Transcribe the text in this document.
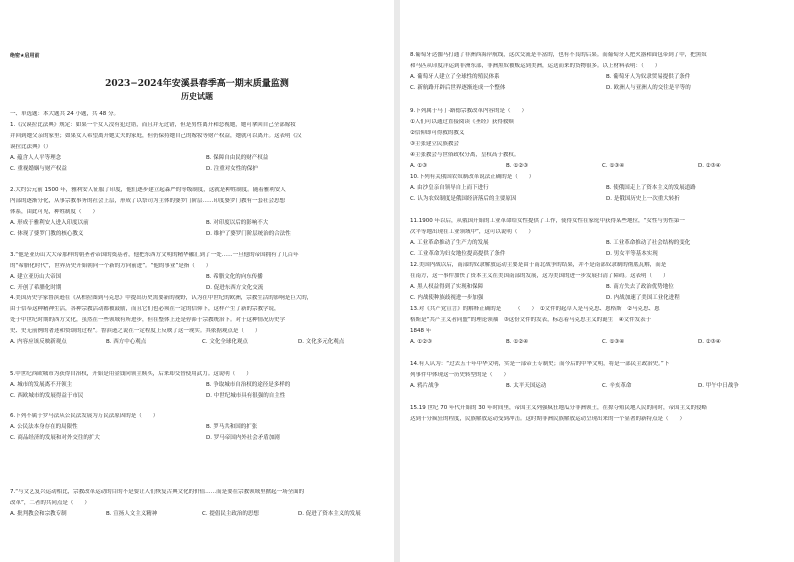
绝密★启用前
2023−2024年安溪县春季高一期末质量监测
历史试题
一、单选题：本大题共 24 小题，共 48 分。
1.《汉谟拉比法典》规定：如果一个女人没有犯过错，而且并无过错，但是男性离开和恋视她，她可拿回自己全部嫁妆
并回到她父亲的家里；如果女人希望离开她丈夫的家庭，但仍保持她自己的嫁妆等财产权益，她就可以离开。这表明《汉
谟拉比法典》（）
2.大约公元前 1500 年，雅利安人征服了印度，他们逐步建立起森严的等级制度，这就是种姓制度。随着雅利安人
内部的逐渐分化，从事宗教事务的社会上层，形成了以祭司为主体的婆罗门阶层……印度婆罗门教有一套社会思想
体系，由此可见，种姓制度（　　）
3.“他是亚历山大大帝那样的朝圣者帝国的奠基者，他把东西方文明的精华融汇到了一处……一旦他的帝国拥有了几百年
的“希腊化时代”，世界历史开始朝向一个新的方向前进”。“他的事业”是指（　　）
4.美国历史学家鲁滨逊在《从柏拉图到马克思》中提出历史需要新的视野，认为在中世纪的欧洲，宗教生活的影响是巨大的，
由于信奉这种精神生活，各种宗教活动都被鼓励，而且它们也必须在一定的信仰下，这样产生了新的宗教学说，
处于中世纪时期的西方文化，虽然在一些领域有所进步，但在整体上还是停滞于宗教统治下。对于这种情况历史学
史、史无前例的著述和赞颂的过程”。鲁滨逊之说在一定程度上反映了这一现实。其依据观点是（　　）
5.中世纪西欧城市为获得自治权，开始是用金钱向领主赎买，后来却交替使用武力。这说明（　　）
6.下列不属于罗马法从公民法发展为万民法原因的是（　　）
7.“与文艺复兴运动相比，宗教改革运动的目的不是要让人们恢复古典文化的价值……而是要在宗教领域里掀起一场全面的
改革”，二者的共同点是（　　）
A. 蕴含人人平等理念	B. 保障自由民的财产权益
C. 重视婚姻与财产权益	D. 注重对女性的保护
A. 形成于雅利安人进入印度以前	B. 对印度以后的影响不大
C. 体现了婆罗门教的核心教义	D. 维护了婆罗门阶层统治的合法性
A. 建立亚历山大帝国	B. 希腊文化的向东传播
C. 开创了希腊化时期	D. 促进东西方文化交流
A. 内容应该反映新观点	B. 西方中心观点	C. 文化全球化观点	D. 文化多元化观点
A. 城市的发展离不开领主	B. 争取城市自治权的途径是多样的
C. 西欧城市的发展得益于市民	D. 中世纪城市具有很强的自主性
A. 公民法本身存在的局限性	B. 罗马共和国的扩张
C. 商品经济的发展和对外交往的扩大	D. 罗马帝国内外社会矛盾加剧
A. 批判教会和宗教专制	B. 宣扬人文主义精神	C. 提倡民主政治的思想	D. 促进了资本主义的发展
8.葡萄牙达伽马打通了非洲西海岸航线，这次交流是丰富的，也有不良的后果。而葡萄牙人把火器和面包带到了中，把黑奴
和马匹从印度洋运到非洲东部，非洲黑奴被贩运到美洲，运送而来的货物很多。以上材料表明：（　　）
9.下列属于马丁·路德宗教改革内容的是（　　）
①人们可以通过直接阅读《圣经》获得救赎
②信仰即可得救的教义
③主张建立民族教会
④主张教会与世俗政权分离，皇权高于教权。
10.下列有关俄国农奴制改革说法正确的是（　　）
11.1900 年以后，从俄国开始的工业革命给女性提供了工作，使得女性在家庭中获得某些地位，“女性与男性第一
次平等地出现在工业领域中”，这可以说明（　　）
12.美国内战以后，南部的奴隶解放运动主要是由于南北战争的结果，并不是南部奴隶制的彻底瓦解，而是
在南方，这一事件加快了资本主义在美国南部的发展，这为美国的进一步发展扫清了障碍。这表明（　　）
13.对《共产党宣言》的解释正确的是　　　（　　）　①文件的起草人是马克思、恩格斯　②马克思、恩
格斯是“共产主义者同盟”的理论领袖　③这份文件的发表，标志着马克思主义的诞生　④文件发表于
1848 年
14.有人认为：“过去五千年中华文明，实是一部帝王专制史；而今后的中华文明，将是一部民主政治史。”下
列事件中体现这一历史转型的是（　　）
15.19 世纪 70 年代开始的 30 年时间里，帝国主义列强疯狂地瓜分非洲领土，在掠夺殖民地人民的同时，帝国主义的侵略
达到十分疯狂的程度，民族解放运动受到冲击。这时期非洲民族解放运动呈现出来的一个显著的新特点是（　　）
A. 葡萄牙人建立了全球性的殖民体系	B. 葡萄牙人为奴隶贸易提供了条件
C. 新航路开辟后世界逐渐连成一个整体	D. 欧洲人与亚洲人的交往是平等的
A. ①③	B. ①②③	C. ①③④	D. ②③④
A. 由沙皇亲自领导自上而下进行	B. 使俄国走上了资本主义的发展道路
C. 认为农奴制度是俄国经济落后的主要原因	D. 是俄国历史上一次重大转折
A. 工业革命推动了生产力的发展	B. 工业革命推动了社会结构的变化
C. 工业革命为妇女地位提高提供了条件	D. 男女平等基本实现
A. 黑人权益得到了实现和保障	B. 南方失去了政治优势地位
C. 内战使种族歧视进一步加强	D. 内战加速了美国工业化进程
A. ①②③	B. ①②④	C. ①③④	D. ②③④
A. 鸦片战争	B. 太平天国运动	C. 辛亥革命	D. 甲午中日战争
